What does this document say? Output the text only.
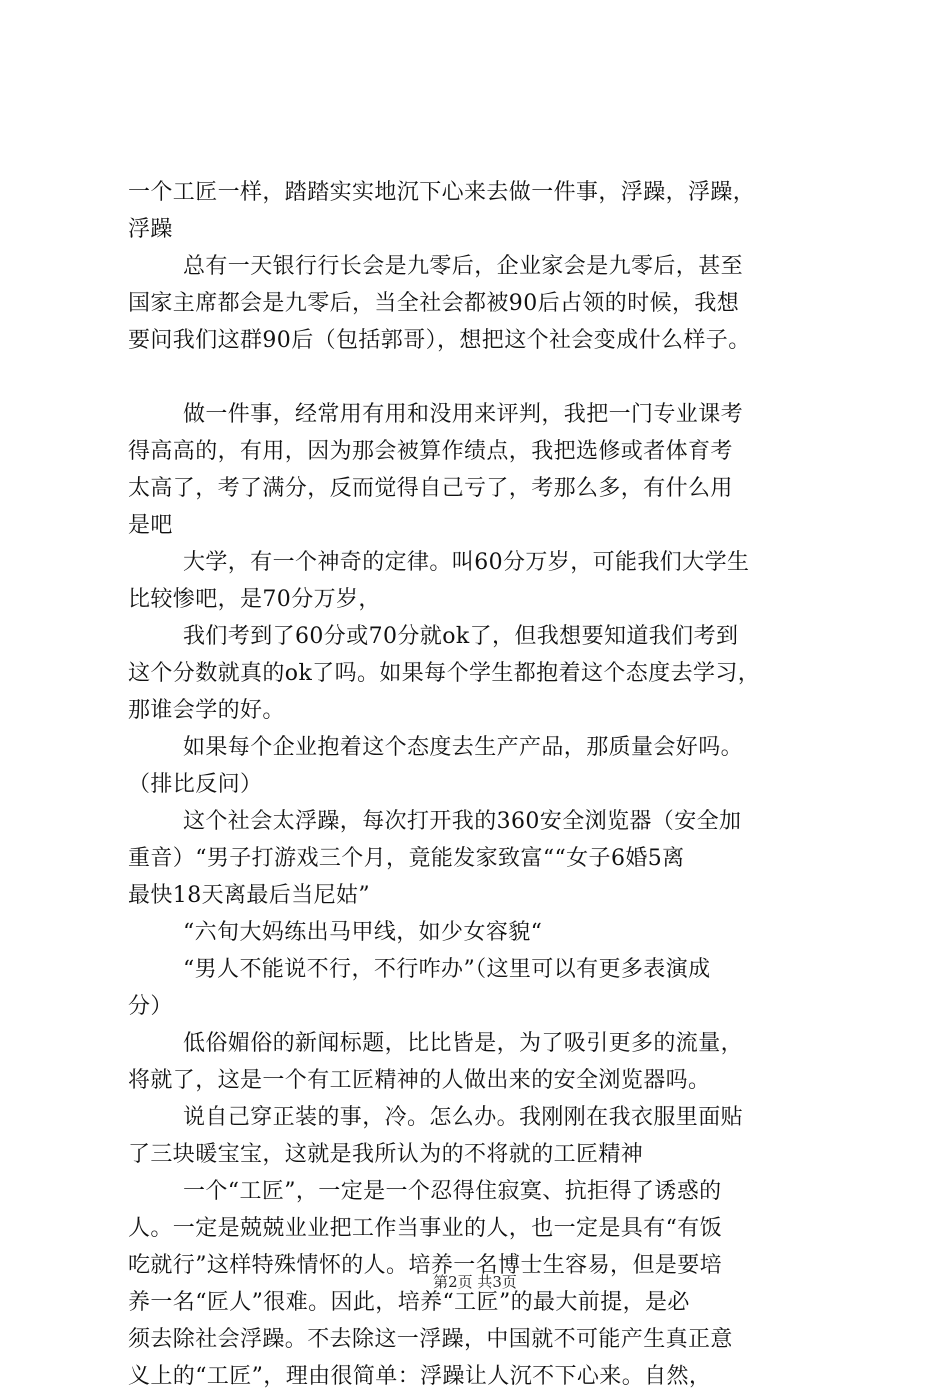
一个工匠一样，踏踏实实地沉下心来去做一件事，浮躁，浮躁，
浮躁
总有一天银行行长会是九零后，企业家会是九零后，甚至
国家主席都会是九零后，当全社会都被90后占领的时候，我想
要问我们这群90后（包括郭哥），想把这个社会变成什么样子。
做一件事，经常用有用和没用来评判，我把一门专业课考
得高高的，有用，因为那会被算作绩点，我把选修或者体育考
太高了，考了满分，反而觉得自己亏了，考那么多，有什么用
是吧
大学，有一个神奇的定律。叫60分万岁，可能我们大学生
比较惨吧，是70分万岁，
我们考到了60分或70分就ok了，但我想要知道我们考到
这个分数就真的ok了吗。如果每个学生都抱着这个态度去学习，
那谁会学的好。
如果每个企业抱着这个态度去生产产品，那质量会好吗。
（排比反问）
这个社会太浮躁，每次打开我的360安全浏览器（安全加
重音）“男子打游戏三个月，竟能发家致富““女子6婚5离
最快18天离最后当尼姑”
“六旬大妈练出马甲线，如少女容貌“
“男人不能说不行，不行咋办”（这里可以有更多表演成
分）
低俗媚俗的新闻标题，比比皆是，为了吸引更多的流量，
将就了，这是一个有工匠精神的人做出来的安全浏览器吗。
说自己穿正装的事，冷。怎么办。我刚刚在我衣服里面贴
了三块暖宝宝，这就是我所认为的不将就的工匠精神
一个“工匠”，一定是一个忍得住寂寞、抗拒得了诱惑的
人。一定是兢兢业业把工作当事业的人，也一定是具有“有饭
吃就行”这样特殊情怀的人。培养一名博士生容易，但是要培
养一名“匠人”很难。因此，培养“工匠”的最大前提，是必
须去除社会浮躁。不去除这一浮躁，中国就不可能产生真正意
义上的“工匠”，理由很简单：浮躁让人沉不下心来。自然，
第2页 共3页
